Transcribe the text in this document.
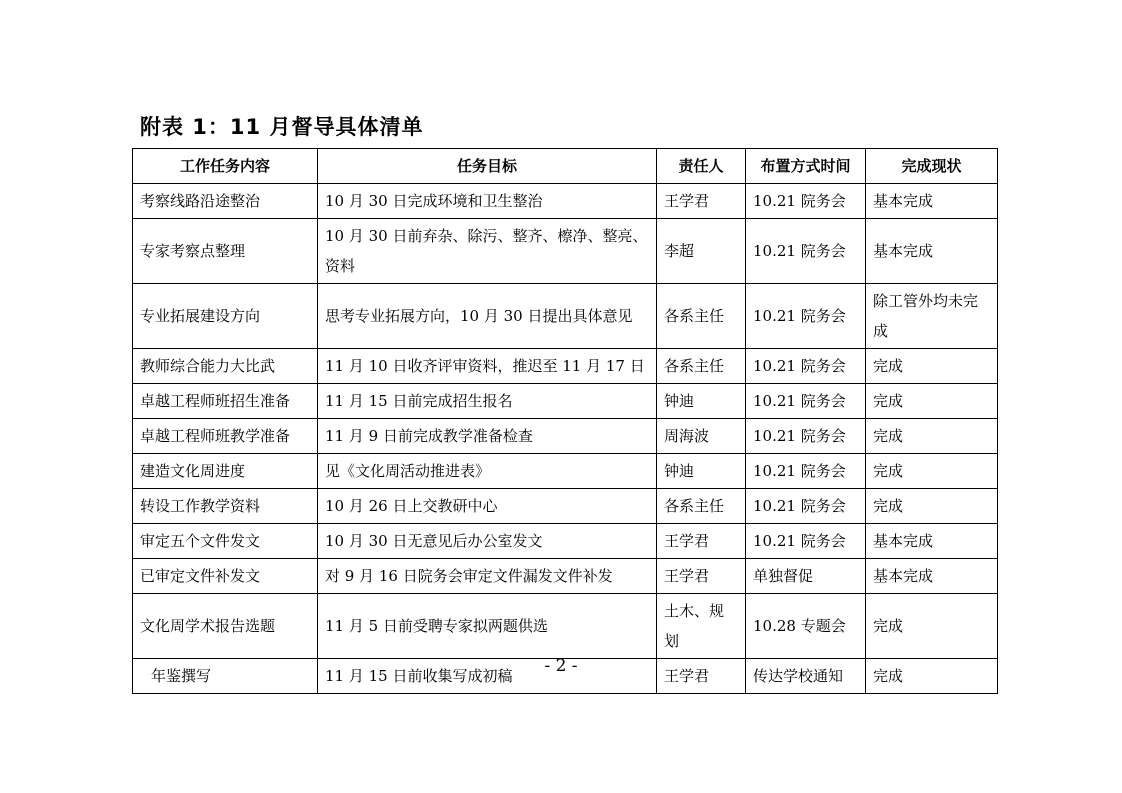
附表 1：11 月督导具体清单
工作任务内容	任务目标	责任人	布置方式时间	完成现状
考察线路沿途整治	10 月 30 日完成环境和卫生整治	王学君	10.21 院务会	基本完成
专家考察点整理	10 月 30 日前弃杂、除污、整齐、檫净、整亮、资料	李超	10.21 院务会	基本完成
专业拓展建设方向	思考专业拓展方向，10 月 30 日提出具体意见	各系主任	10.21 院务会	除工管外均未完成
教师综合能力大比武	11 月 10 日收齐评审资料，推迟至 11 月 17 日	各系主任	10.21 院务会	完成
卓越工程师班招生准备	11 月 15 日前完成招生报名	钟迪	10.21 院务会	完成
卓越工程师班教学准备	11 月 9 日前完成教学准备检查	周海波	10.21 院务会	完成
建造文化周进度	见《文化周活动推进表》	钟迪	10.21 院务会	完成
转设工作教学资料	10 月 26 日上交教研中心	各系主任	10.21 院务会	完成
审定五个文件发文	10 月 30 日无意见后办公室发文	王学君	10.21 院务会	基本完成
已审定文件补发文	对 9 月 16 日院务会审定文件漏发文件补发	王学君	单独督促	基本完成
文化周学术报告选题	11 月 5 日前受聘专家拟两题供选	土木、规划	10.28 专题会	完成
年鉴撰写	11 月 15 日前收集写成初稿	王学君	传达学校通知	完成
- 2 -
